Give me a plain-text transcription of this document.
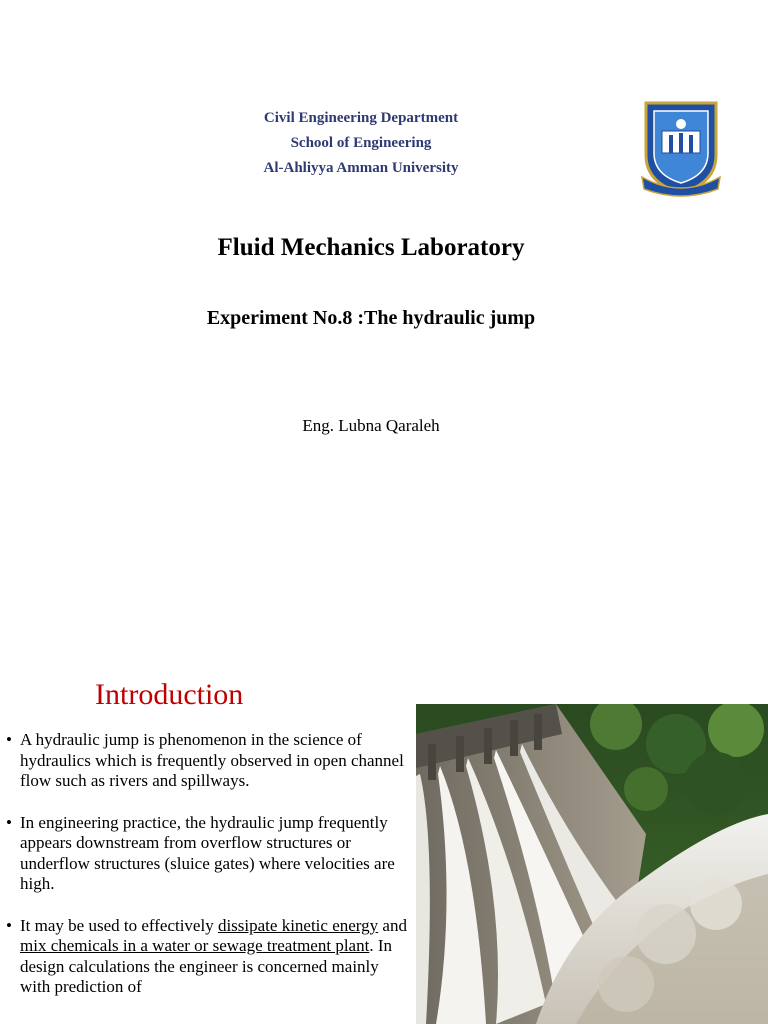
Civil Engineering Department
School of Engineering
Al-Ahliyya Amman University
Fluid Mechanics Laboratory
Experiment No.8 :The hydraulic jump
Eng. Lubna Qaraleh
Introduction
• A hydraulic jump is phenomenon in the science of hydraulics which is frequently observed in open channel flow such as rivers and spillways.
• In engineering practice, the hydraulic jump frequently appears downstream from overflow structures or underflow structures (sluice gates) where velocities are high.
• It may be used to effectively dissipate kinetic energy and mix chemicals in a water or sewage treatment plant. In design calculations the engineer is concerned mainly with prediction of
